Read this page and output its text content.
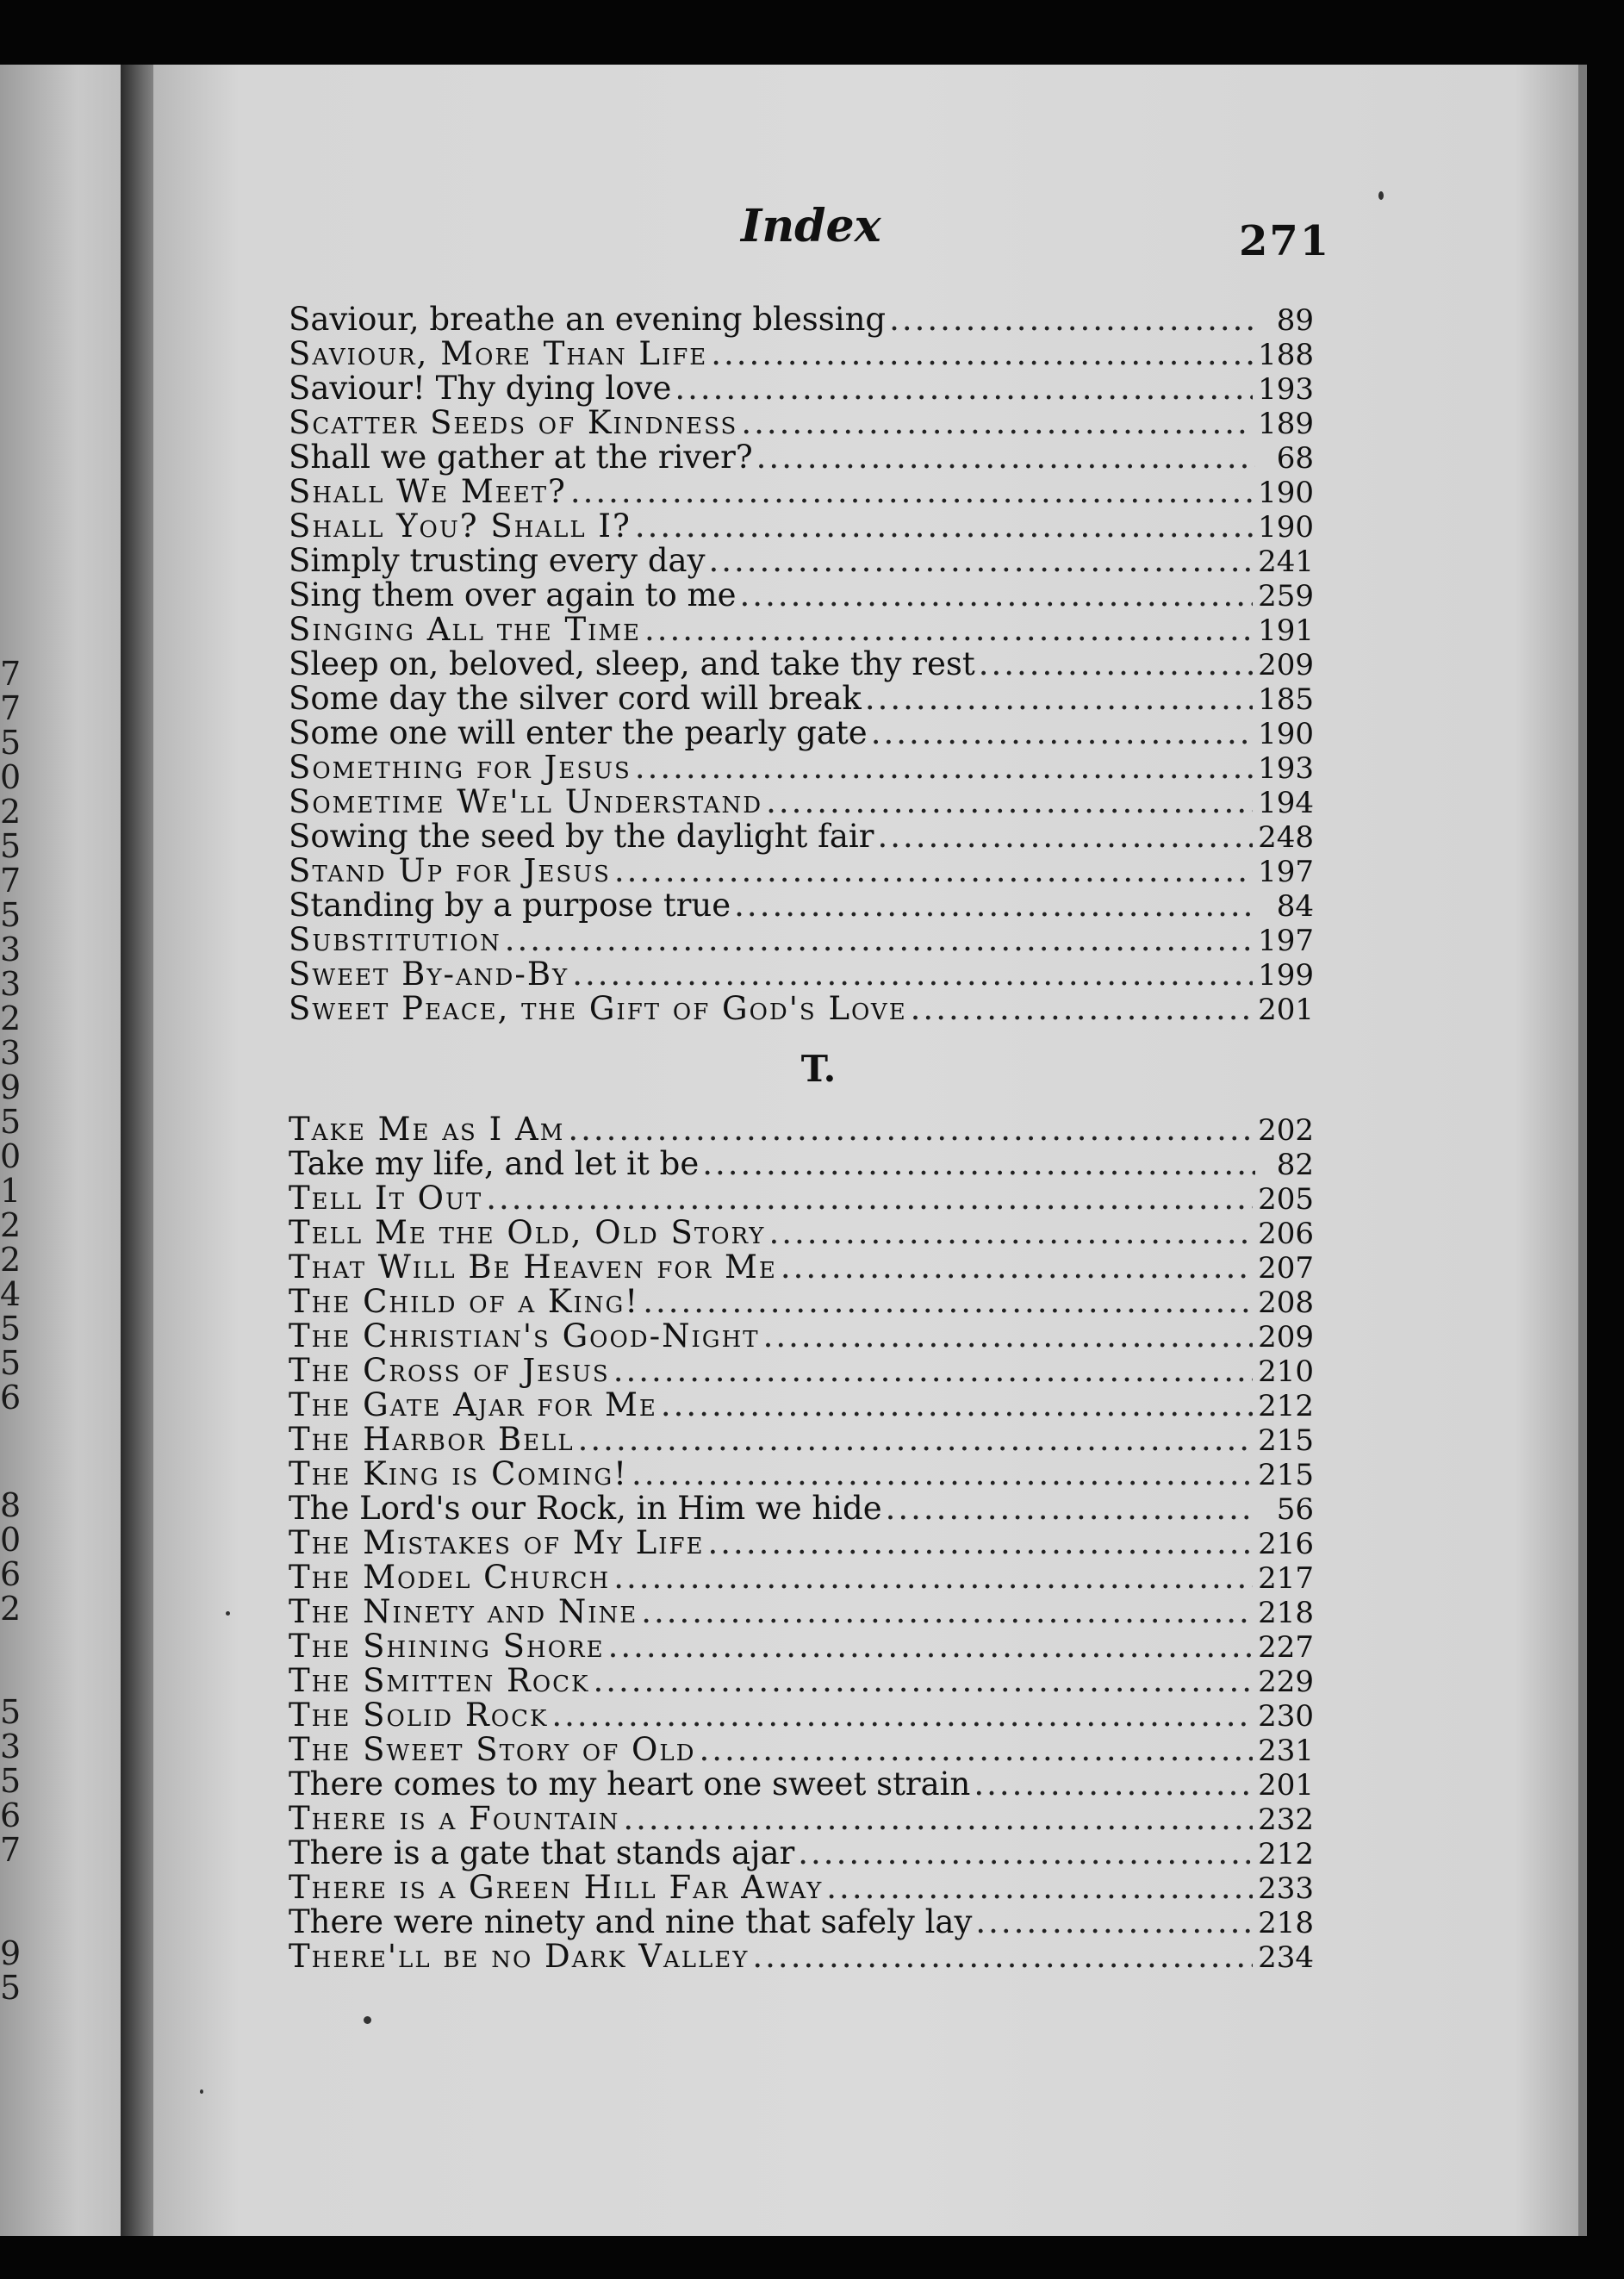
7
7
5
0
2
5
7
5
3
3
2
3
9
5
0
1
2
2
4
5
5
6
8
0
6
2
5
3
5
6
7
9
5
Index	271
Saviour, breathe an evening blessing .....	89
Saviour, More Than Life .....	188
Saviour! Thy dying love .....	193
Scatter Seeds of Kindness .....	189
Shall we gather at the river? .....	68
Shall We Meet? .....	190
Shall You? Shall I? .....	190
Simply trusting every day .....	241
Sing them over again to me .....	259
Singing All the Time .....	191
Sleep on, beloved, sleep, and take thy rest .....	209
Some day the silver cord will break .....	185
Some one will enter the pearly gate .....	190
Something for Jesus .....	193
Sometime We'll Understand .....	194
Sowing the seed by the daylight fair .....	248
Stand Up for Jesus .....	197
Standing by a purpose true .....	84
Substitution .....	197
Sweet By-and-By .....	199
Sweet Peace, the Gift of God's Love .....	201
T.
Take Me as I Am .....	202
Take my life, and let it be .....	82
Tell It Out .....	205
Tell Me the Old, Old Story .....	206
That Will Be Heaven for Me .....	207
The Child of a King! .....	208
The Christian's Good-Night .....	209
The Cross of Jesus .....	210
The Gate Ajar for Me .....	212
The Harbor Bell .....	215
The King is Coming! .....	215
The Lord's our Rock, in Him we hide .....	56
The Mistakes of My Life .....	216
The Model Church .....	217
The Ninety and Nine .....	218
The Shining Shore .....	227
The Smitten Rock .....	229
The Solid Rock .....	230
The Sweet Story of Old .....	231
There comes to my heart one sweet strain .....	201
There is a Fountain .....	232
There is a gate that stands ajar .....	212
There is a Green Hill Far Away .....	233
There were ninety and nine that safely lay .....	218
There'll be no Dark Valley .....	234
